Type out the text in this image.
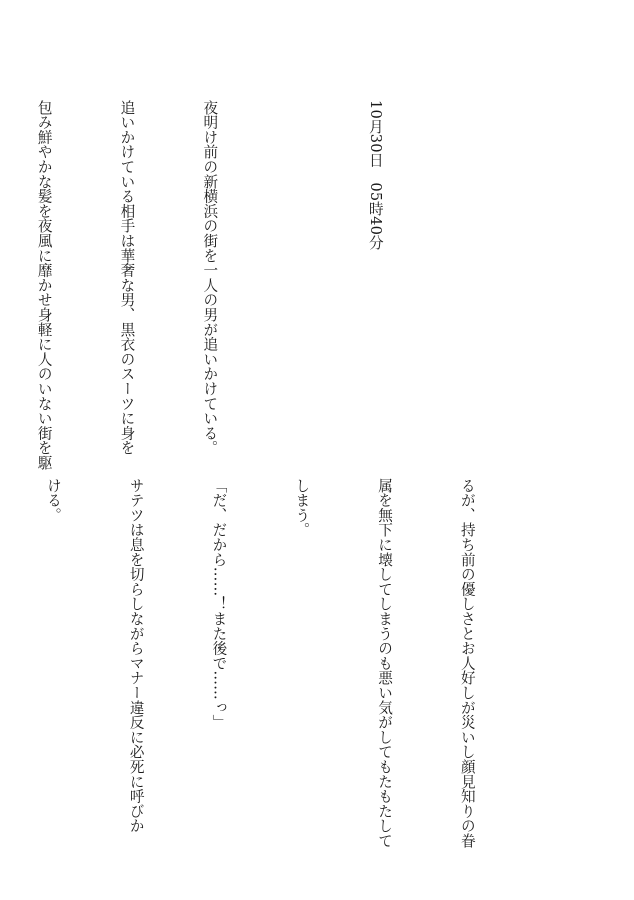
10月30日　05時40分

夜明け前の新横浜の街を一人の男が追いかけている。

追いかけている相手は華奢な男、黒衣のスーツに身を

包み鮮やかな髪を夜風に靡かせ身軽に人のいない街を駆

るが、持ち前の優しさとお人好しが災いし顔見知りの眷

属を無下に壊してしまうのも悪い気がしてもたもたして

しまう。

「だ、だから……！また後で……っ」

サテツは息を切らしながらマナー違反に必死に呼びか

ける。
